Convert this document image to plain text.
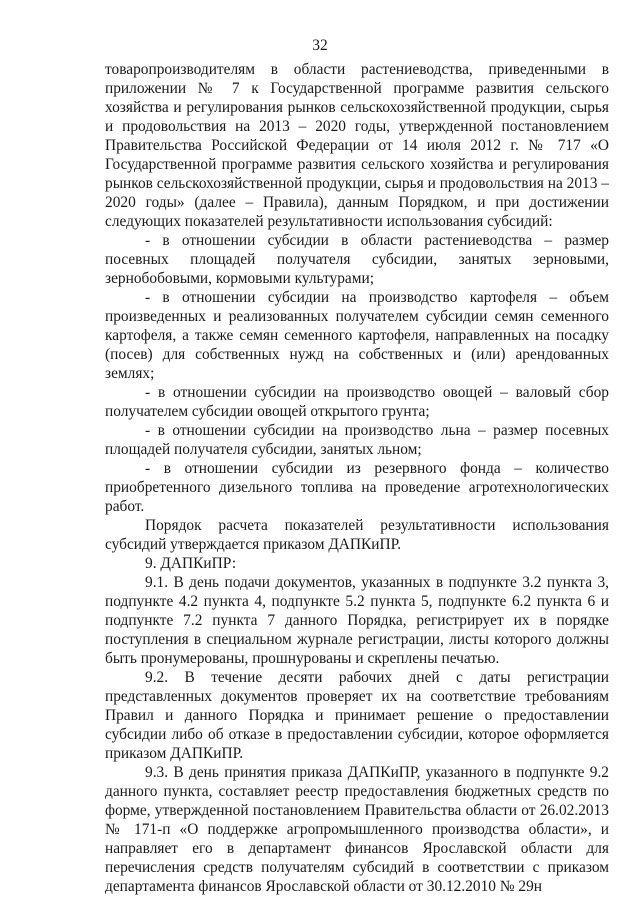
32

товаропроизводителям в области растениеводства, приведенными в приложении № 7 к Государственной программе развития сельского хозяйства и регулирования рынков сельскохозяйственной продукции, сырья и продовольствия на 2013 – 2020 годы, утвержденной постановлением Правительства Российской Федерации от 14 июля 2012 г. № 717 «О Государственной программе развития сельского хозяйства и регулирования рынков сельскохозяйственной продукции, сырья и продовольствия на 2013 – 2020 годы» (далее – Правила), данным Порядком, и при достижении следующих показателей результативности использования субсидий:

- в отношении субсидии в области растениеводства – размер посевных площадей получателя субсидии, занятых зерновыми, зернобобовыми, кормовыми культурами;

- в отношении субсидии на производство картофеля – объем произведенных и реализованных получателем субсидии семян семенного картофеля, а также семян семенного картофеля, направленных на посадку (посев) для собственных нужд на собственных и (или) арендованных землях;

- в отношении субсидии на производство овощей – валовый сбор получателем субсидии овощей открытого грунта;

- в отношении субсидии на производство льна – размер посевных площадей получателя субсидии, занятых льном;

- в отношении субсидии из резервного фонда – количество приобретенного дизельного топлива на проведение агротехнологических работ.

Порядок расчета показателей результативности использования субсидий утверждается приказом ДАПКиПР.

9. ДАПКиПР:

9.1. В день подачи документов, указанных в подпункте 3.2 пункта 3, подпункте 4.2 пункта 4, подпункте 5.2 пункта 5, подпункте 6.2 пункта 6 и подпункте 7.2 пункта 7 данного Порядка, регистрирует их в порядке поступления в специальном журнале регистрации, листы которого должны быть пронумерованы, прошнурованы и скреплены печатью.

9.2. В течение десяти рабочих дней с даты регистрации представленных документов проверяет их на соответствие требованиям Правил и данного Порядка и принимает решение о предоставлении субсидии либо об отказе в предоставлении субсидии, которое оформляется приказом ДАПКиПР.

9.3. В день принятия приказа ДАПКиПР, указанного в подпункте 9.2 данного пункта, составляет реестр предоставления бюджетных средств по форме, утвержденной постановлением Правительства области от 26.02.2013 № 171-п «О поддержке агропромышленного производства области», и направляет его в департамент финансов Ярославской области для перечисления средств получателям субсидий в соответствии с приказом департамента финансов Ярославской области от 30.12.2010 № 29н
